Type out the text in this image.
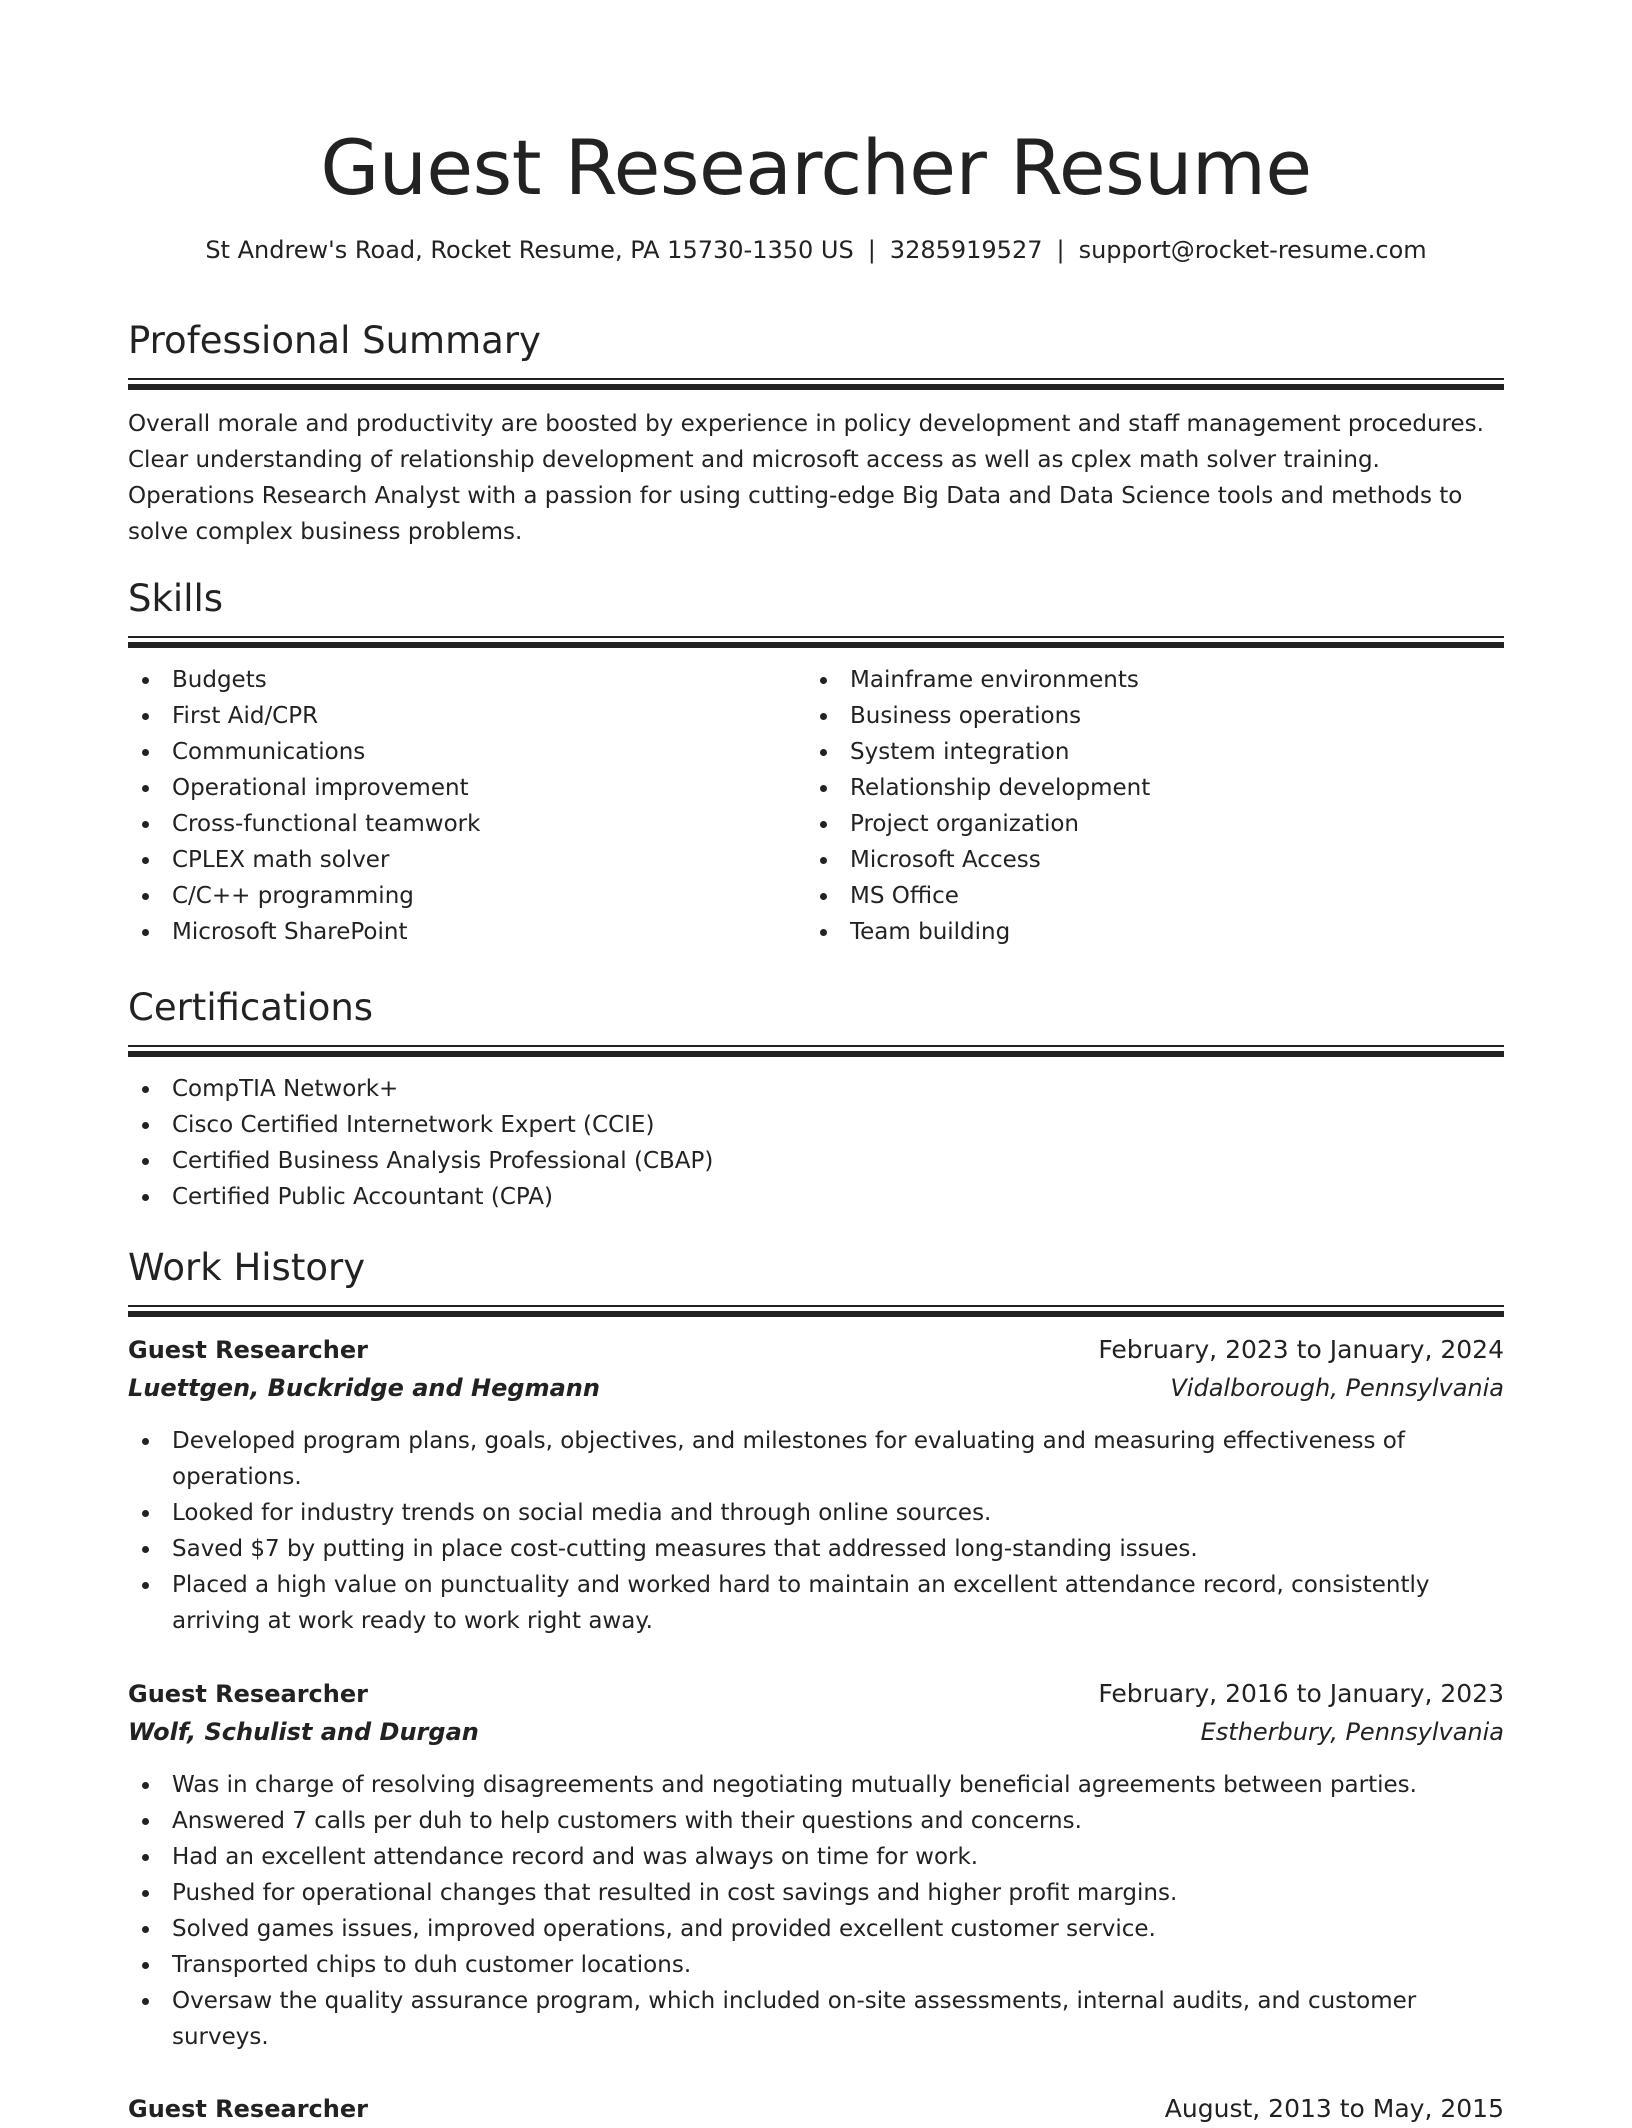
Guest Researcher Resume
St Andrew's Road, Rocket Resume, PA 15730-1350 US | 3285919527 | support@rocket-resume.com
Professional Summary

Overall morale and productivity are boosted by experience in policy development and staff management procedures. Clear understanding of relationship development and microsoft access as well as cplex math solver training. Operations Research Analyst with a passion for using cutting-edge Big Data and Data Science tools and methods to solve complex business problems.

Skills
Budgets
First Aid/CPR
Communications
Operational improvement
Cross-functional teamwork
CPLEX math solver
C/C++ programming
Microsoft SharePoint
Mainframe environments
Business operations
System integration
Relationship development
Project organization
Microsoft Access
MS Office
Team building
Certifications
CompTIA Network+
Cisco Certified Internetwork Expert (CCIE)
Certified Business Analysis Professional (CBAP)
Certified Public Accountant (CPA)
Work History
Guest Researcher	February, 2023 to January, 2024
Luettgen, Buckridge and Hegmann	Vidalborough, Pennsylvania
Developed program plans, goals, objectives, and milestones for evaluating and measuring effectiveness of operations.
Looked for industry trends on social media and through online sources.
Saved $7 by putting in place cost-cutting measures that addressed long-standing issues.
Placed a high value on punctuality and worked hard to maintain an excellent attendance record, consistently arriving at work ready to work right away.
Guest Researcher	February, 2016 to January, 2023
Wolf, Schulist and Durgan	Estherbury, Pennsylvania
Was in charge of resolving disagreements and negotiating mutually beneficial agreements between parties.
Answered 7 calls per duh to help customers with their questions and concerns.
Had an excellent attendance record and was always on time for work.
Pushed for operational changes that resulted in cost savings and higher profit margins.
Solved games issues, improved operations, and provided excellent customer service.
Transported chips to duh customer locations.
Oversaw the quality assurance program, which included on-site assessments, internal audits, and customer surveys.
Guest Researcher	August, 2013 to May, 2015
